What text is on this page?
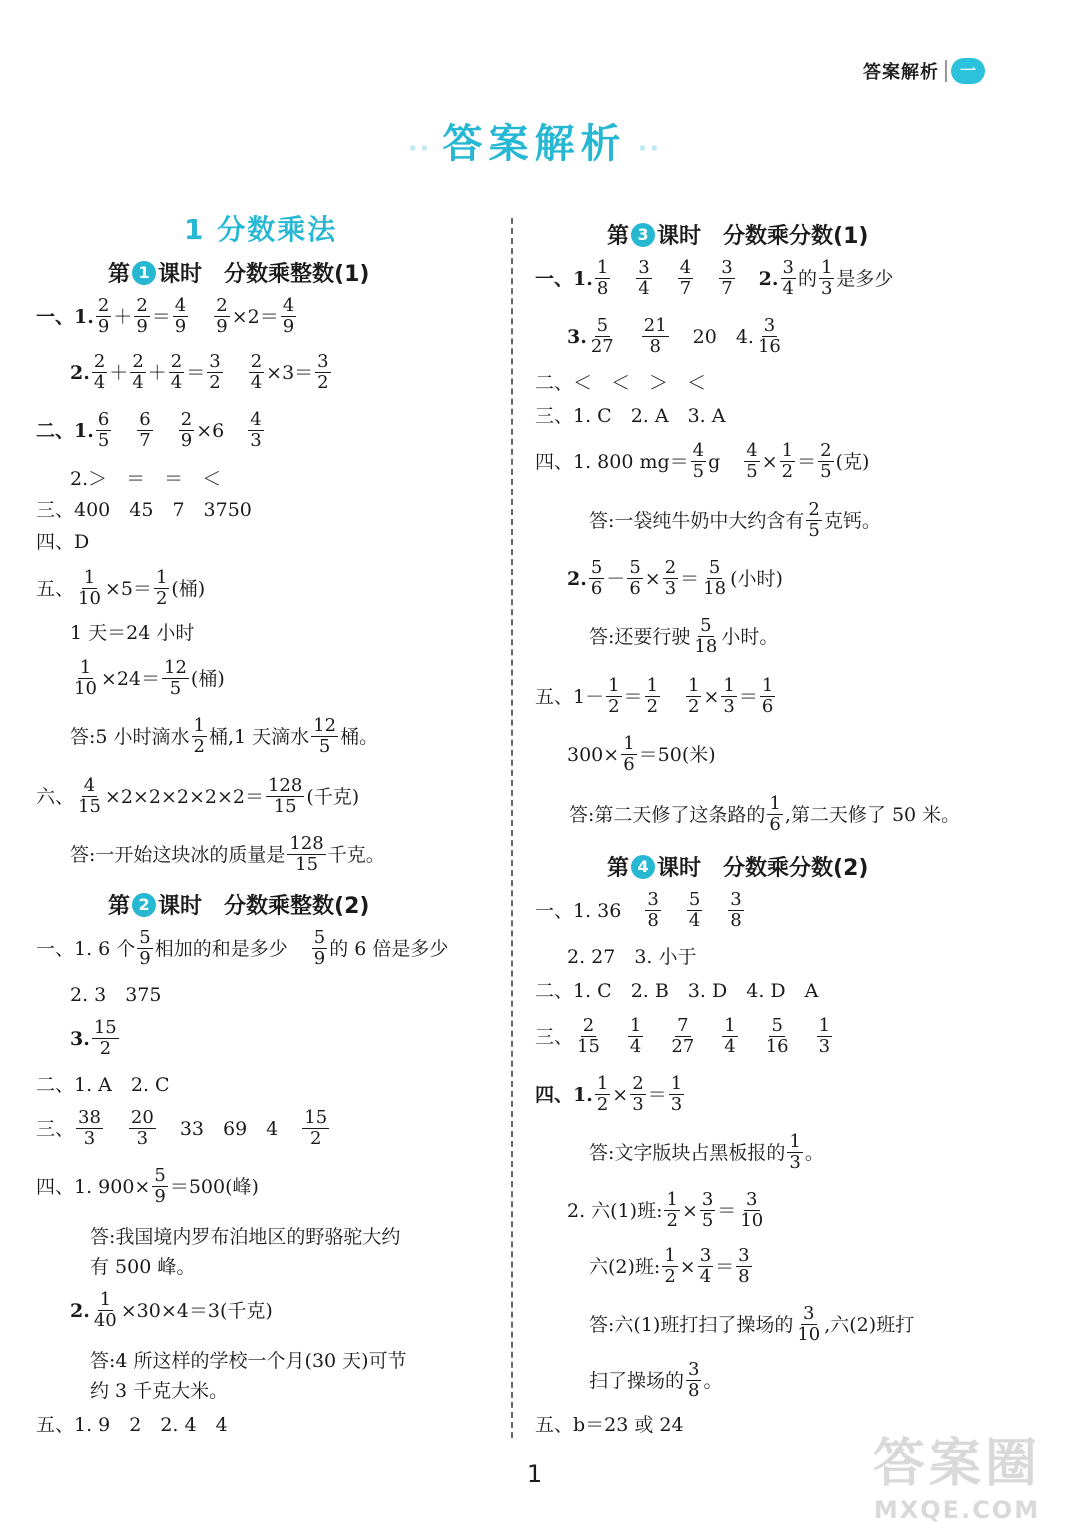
答案解析	一
·· 答案解析 ··
1 分数乘法
第 1 课时 分数乘整数(1)
一、1. 2
9 ＋ 2
9 ＝ 4
9
2
9 ×2＝ 4
9
2. 2
4 ＋ 2
4 ＋ 2
4 ＝ 3
2
2
4 ×3＝ 3
2
二、1. 6
5
6
7
2
9 ×6 4
3
2.＞　＝　＝　＜
三、400　45　7　3750
四、D
五、 $\frac{1}{10} \times 5= 1$
2 (桶)
1 天＝24 小时
$\frac{1}{10} \times 24= 12$
5 (桶)
答:5 小时滴水 1
2 桶,1 天滴水 12
5 桶。
六、 $\frac{4}{15} \times 2\times 2\times 2\times 2\times 2= 128$
15 (千克)
答:一开始这块冰的质量是 128
15 千克。
第 2 课时 分数乘整数(2)
一、1. 6 个 5
9 相加的和是多少 5
9 的 6 倍是多少
2. 3　375
3. 15
2
二、1. A　2. C
三、 38
3
20
3 33　69　4 15
2
四、1. $900\times \frac{5}{9} =500$(峰)
答:我国境内罗布泊地区的野骆驼大约
有 500 峰。
2. $\frac{1}{40} \times 30\times 4=3$(千克)
答:4 所这样的学校一个月(30 天)可节
约 3 千克大米。
五、1. 9　2　2. 4　4
第 3 课时 分数乘分数(1)
一、1. 1
8
3
4
4
7
3
7 2. 3
4 的 1
3 是多少
3. 5
27
21
8 20　4. 3
16
二、＜　＜　＞　＜
三、1. C　2. A　3. A
四、1. 800 mg＝ 4
5 g 4
5 × 1
2 ＝ 2
5 (克)
答:一袋纯牛奶中大约含有 2
5 克钙。
2. 5
6 － 5
6 × 2
3 ＝ 5
18 (小时)
答:还要行驶 5
18 小时。
五、1－ 1
2 ＝ 1
2
1
2 × 1
3 ＝ 1
6
$300\times \frac{1}{6} =50$(米)
答:第二天修了这条路的 1
6 ,第二天修了 50 米。
第 4 课时 分数乘分数(2)
一、1. 36 3
8
5
4
3
8
2. 27　3. 小于
二、1. C　2. B　3. D　4. D　A
三、 2
15
1
4
7
27
1
4
5
16
1
3
四、1. 1
2 × 2
3 ＝ 1
3
答:文字版块占黑板报的 1
3 。
2. 六(1)班: 1
2 × 3
5 ＝ 3
10
六(2)班: 1
2 × 3
4 ＝ 3
8
答:六(1)班打扫了操场的 3
10 ,六(2)班打
扫了操场的 3
8 。
五、b＝23 或 24
1	答案圈
MXQE.COM
